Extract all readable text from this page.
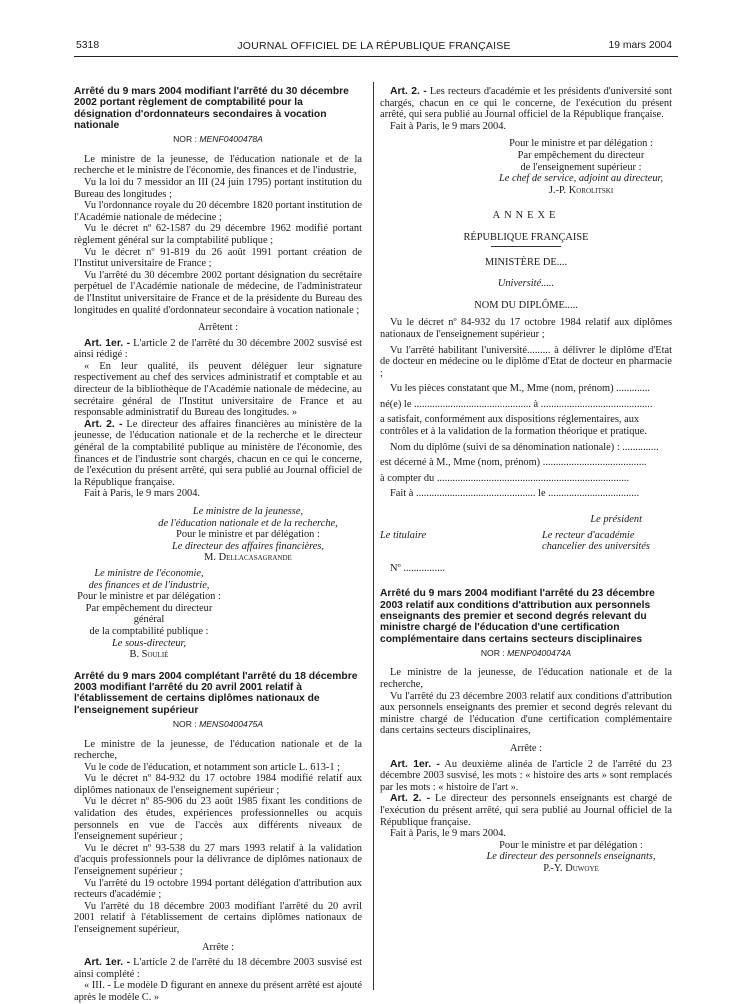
5318	JOURNAL OFFICIEL DE LA RÉPUBLIQUE FRANÇAISE	19 mars 2004
Arrêté du 9 mars 2004 modifiant l'arrêté du 30 décembre 2002 portant règlement de comptabilité pour la désignation d'ordonnateurs secondaires à vocation nationale
NOR : MENF0400478A

Le ministre de la jeunesse, de l'éducation nationale et de la recherche et le ministre de l'économie, des finances et de l'industrie,

Vu la loi du 7 messidor an III (24 juin 1795) portant institution du Bureau des longitudes ;

Vu l'ordonnance royale du 20 décembre 1820 portant institution de l'Académie nationale de médecine ;

Vu le décret nº 62-1587 du 29 décembre 1962 modifié portant règlement général sur la comptabilité publique ;

Vu le décret nº 91-819 du 26 août 1991 portant création de l'Institut universitaire de France ;

Vu l'arrêté du 30 décembre 2002 portant désignation du secrétaire perpétuel de l'Académie nationale de médecine, de l'administrateur de l'Institut universitaire de France et de la présidente du Bureau des longitudes en qualité d'ordonnateur secondaire à vocation nationale ;

Arrêtent :

Art. 1er. - L'article 2 de l'arrêté du 30 décembre 2002 susvisé est ainsi rédigé :

« En leur qualité, ils peuvent déléguer leur signature respectivement au chef des services administratif et comptable et au directeur de la bibliothèque de l'Académie nationale de médecine, au secrétaire général de l'Institut universitaire de France et au responsable administratif du Bureau des longitudes. »

Art. 2. - Le directeur des affaires financières au ministère de la jeunesse, de l'éducation nationale et de la recherche et le directeur général de la comptabilité publique au ministère de l'économie, des finances et de l'industrie sont chargés, chacun en ce qui le concerne, de l'exécution du présent arrêté, qui sera publié au Journal officiel de la République française.

Fait à Paris, le 9 mars 2004.

Le ministre de la jeunesse,

de l'éducation nationale et de la recherche,

Pour le ministre et par délégation :

Le directeur des affaires financières,

M. Dellacasagrande

Le ministre de l'économie,

des finances et de l'industrie,

Pour le ministre et par délégation :

Par empêchement du directeur général

de la comptabilité publique :

Le sous-directeur,

B. Soulié

Arrêté du 9 mars 2004 complétant l'arrêté du 18 décembre 2003 modifiant l'arrêté du 20 avril 2001 relatif à l'établissement de certains diplômes nationaux de l'enseignement supérieur
NOR : MENS0400475A

Le ministre de la jeunesse, de l'éducation nationale et de la recherche,

Vu le code de l'éducation, et notamment son article L. 613-1 ;

Vu le décret nº 84-932 du 17 octobre 1984 modifié relatif aux diplômes nationaux de l'enseignement supérieur ;

Vu le décret nº 85-906 du 23 août 1985 fixant les conditions de validation des études, expériences professionnelles ou acquis personnels en vue de l'accès aux différents niveaux de l'enseignement supérieur ;

Vu le décret nº 93-538 du 27 mars 1993 relatif à la validation d'acquis professionnels pour la délivrance de diplômes nationaux de l'enseignement supérieur ;

Vu l'arrêté du 19 octobre 1994 portant délégation d'attribution aux recteurs d'académie ;

Vu l'arrêté du 18 décembre 2003 modifiant l'arrêté du 20 avril 2001 relatif à l'établissement de certains diplômes nationaux de l'enseignement supérieur,

Arrête :

Art. 1er. - L'article 2 de l'arrêté du 18 décembre 2003 susvisé est ainsi complété :

« III. - Le modèle D figurant en annexe du présent arrêté est ajouté après le modèle C. »

Art. 2. - Les recteurs d'académie et les présidents d'université sont chargés, chacun en ce qui le concerne, de l'exécution du présent arrêté, qui sera publié au Journal officiel de la République française.

Fait à Paris, le 9 mars 2004.

Pour le ministre et par délégation :

Par empêchement du directeur

de l'enseignement supérieur :

Le chef de service, adjoint au directeur,

J.-P. Korolitski

ANNEXE

RÉPUBLIQUE FRANÇAISE

MINISTÈRE DE....

Université.....

NOM DU DIPLÔME.....

Vu le décret nº 84-932 du 17 octobre 1984 relatif aux diplômes nationaux de l'enseignement supérieur ;

Vu l'arrêté habilitant l'université......... à délivrer le diplôme d'Etat de docteur en médecine ou le diplôme d'Etat de docteur en pharmacie ;

Vu les pièces constatant que M., Mme (nom, prénom) .............

né(e) le ............................................. à ...........................................

a satisfait, conformément aux dispositions réglementaires, aux contrôles et à la validation de la formation théorique et pratique.

Nom du diplôme (suivi de sa dénomination nationale) : ..............

est décerné à M., Mme (nom, prénom) ........................................

à compter du ..........................................................................

Fait à .............................................. le ...................................

Le président
Le titulaire	Le recteur d'académie
chancelier des universités

Nº ................

Arrêté du 9 mars 2004 modifiant l'arrêté du 23 décembre 2003 relatif aux conditions d'attribution aux personnels enseignants des premier et second degrés relevant du ministre chargé de l'éducation d'une certification complémentaire dans certains secteurs disciplinaires
NOR : MENP0400474A

Le ministre de la jeunesse, de l'éducation nationale et de la recherche,

Vu l'arrêté du 23 décembre 2003 relatif aux conditions d'attribution aux personnels enseignants des premier et second degrés relevant du ministre chargé de l'éducation d'une certification complémentaire dans certains secteurs disciplinaires,

Arrête :

Art. 1er. - Au deuxième alinéa de l'article 2 de l'arrêté du 23 décembre 2003 susvisé, les mots : « histoire des arts » sont remplacés par les mots : « histoire de l'art ».

Art. 2. - Le directeur des personnels enseignants est chargé de l'exécution du présent arrêté, qui sera publié au Journal officiel de la République française.

Fait à Paris, le 9 mars 2004.

Pour le ministre et par délégation :

Le directeur des personnels enseignants,

P.-Y. Duwoye
